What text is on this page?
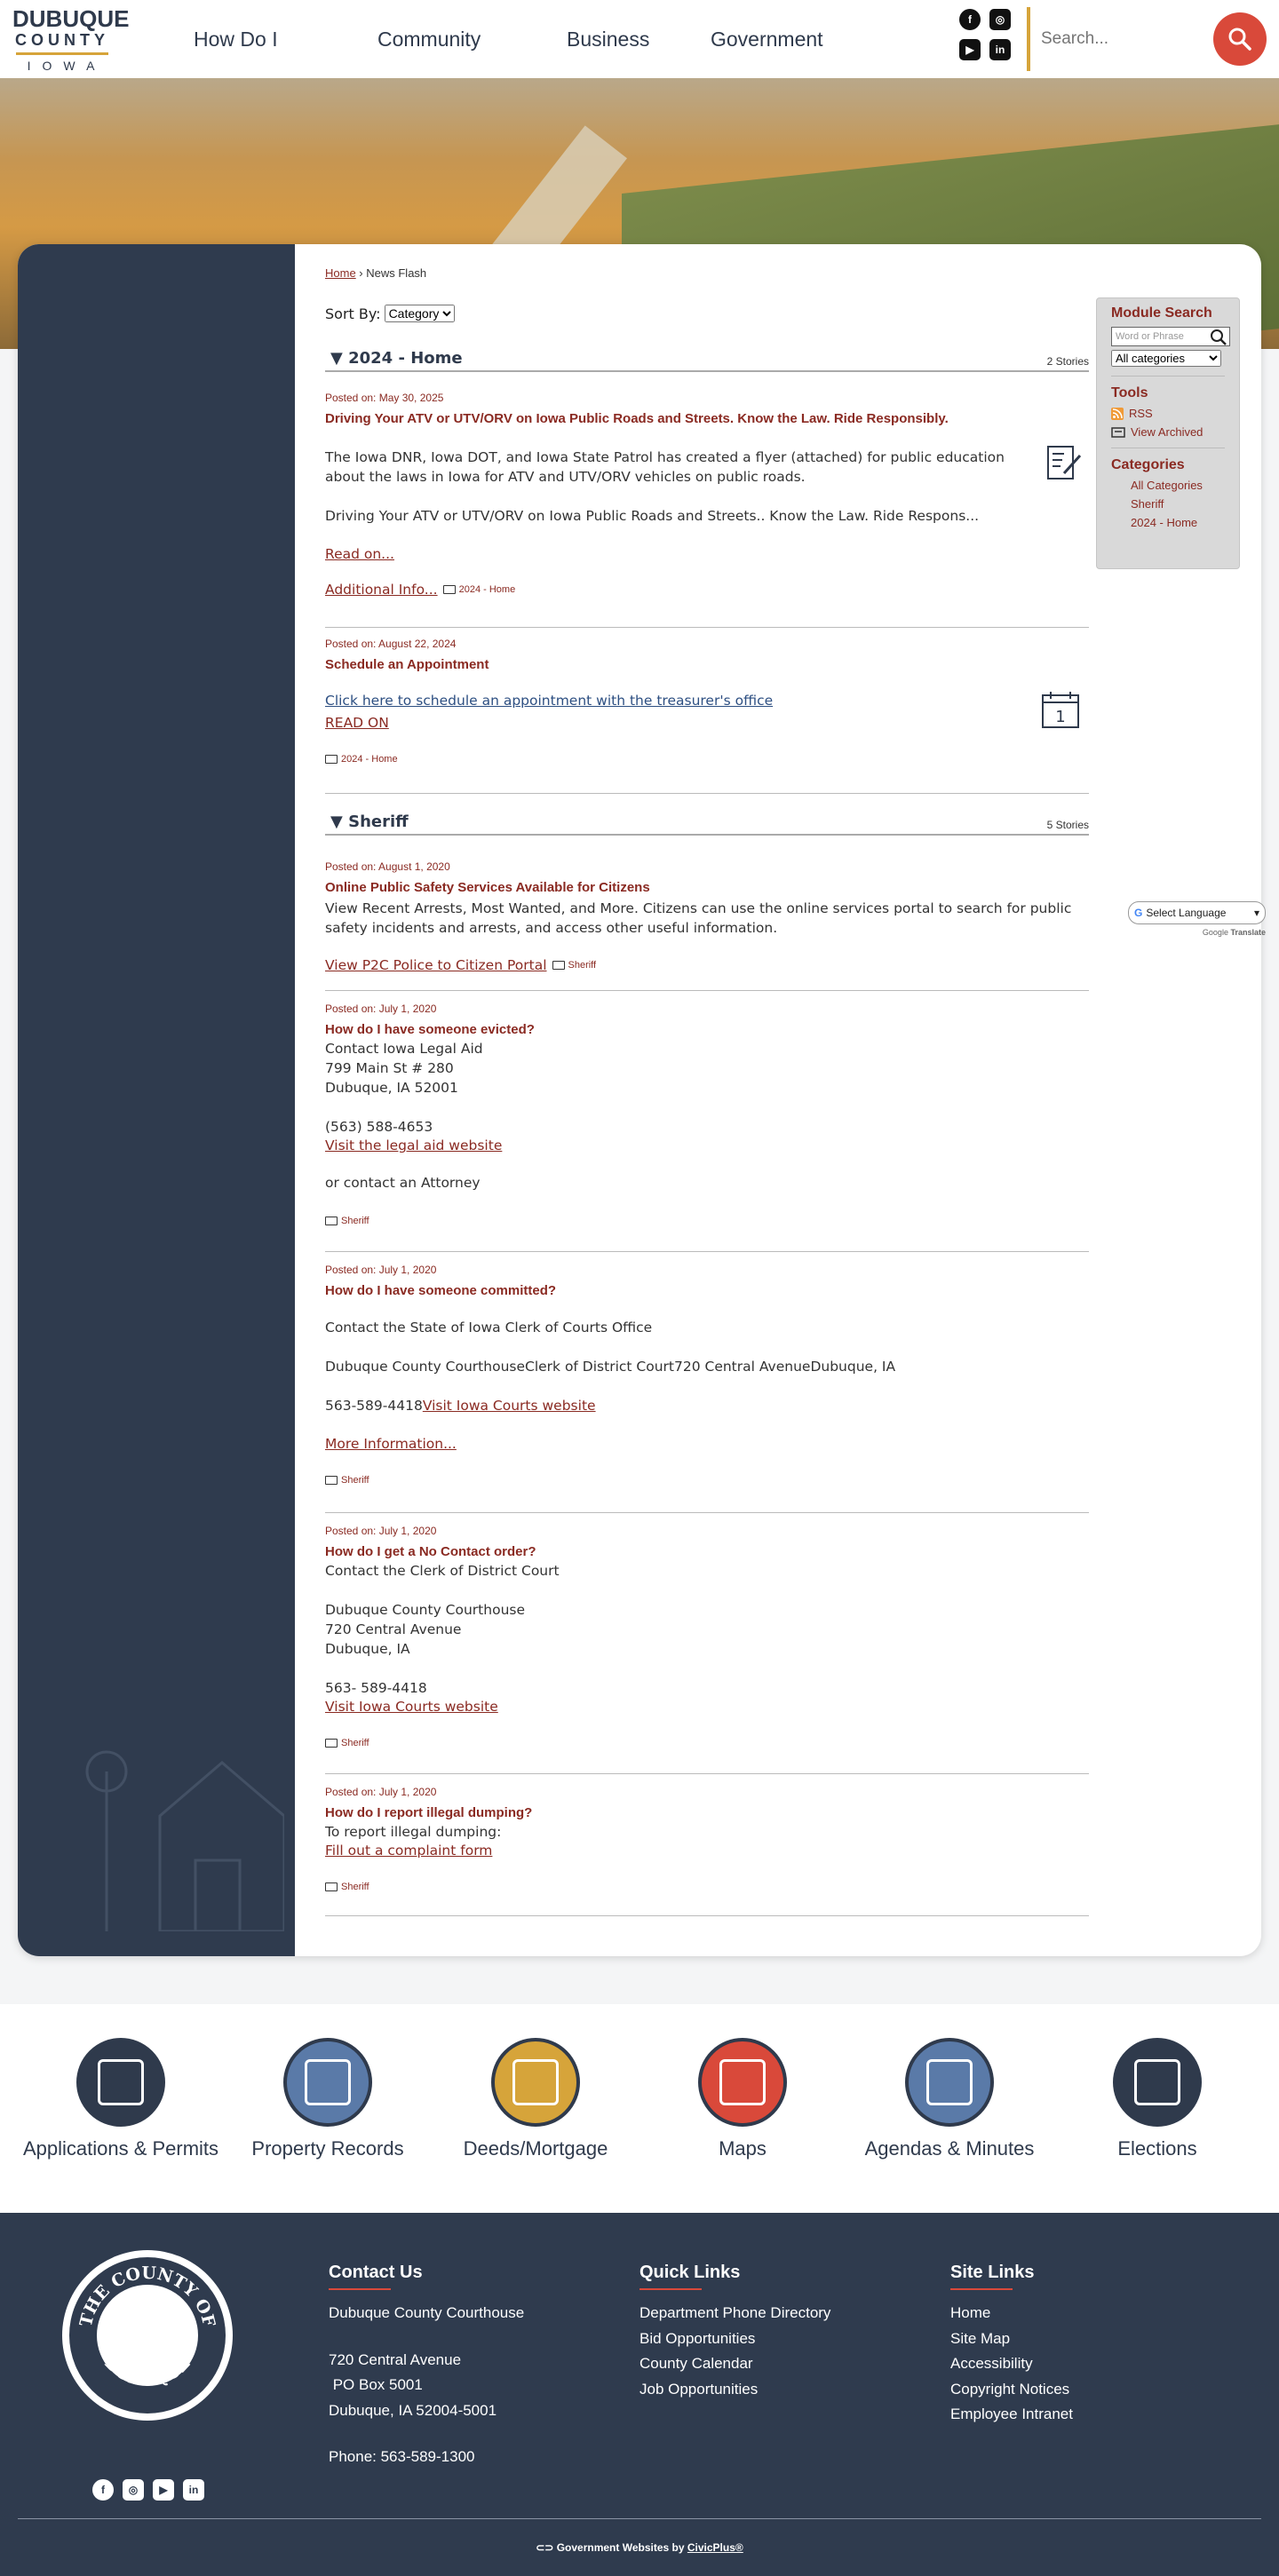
DUBUQUE
COUNTY
IOWA
How Do I	Community	Business	Government
f	◎
▶	in
Search...
Home › News Flash
Sort By:
Category
▼ 2024 - Home	2 Stories
Posted on: May 30, 2025
Driving Your ATV or UTV/ORV on Iowa Public Roads and Streets. Know the Law. Ride Responsibly.
The Iowa DNR, Iowa DOT, and Iowa State Patrol has created a flyer (attached) for public education about the laws in Iowa for ATV and UTV/ORV vehicles on public roads.
Driving Your ATV or UTV/ORV on Iowa Public Roads and Streets.. Know the Law. Ride Respons...
Read on...
Additional Info... 2024 - Home
Posted on: August 22, 2024
Schedule an Appointment
Click here to schedule an appointment with the treasurer's office
READ ON
2024 - Home
1
▼ Sheriff	5 Stories
Posted on: August 1, 2020
Online Public Safety Services Available for Citizens
View Recent Arrests, Most Wanted, and More. Citizens can use the online services portal to search for public safety incidents and arrests, and access other useful information.
View P2C Police to Citizen Portal Sheriff
Posted on: July 1, 2020
How do I have someone evicted?
Contact Iowa Legal Aid
799 Main St # 280
Dubuque, IA 52001
(563) 588-4653
Visit the legal aid website
or contact an Attorney
Sheriff
Posted on: July 1, 2020
How do I have someone committed?
Contact the State of Iowa Clerk of Courts Office
Dubuque County CourthouseClerk of District Court720 Central AvenueDubuque, IA
563-589-4418Visit Iowa Courts website
More Information...
Sheriff
Posted on: July 1, 2020
How do I get a No Contact order?
Contact the Clerk of District Court
Dubuque County Courthouse
720 Central Avenue
Dubuque, IA
563- 589-4418
Visit Iowa Courts website
Sheriff
Posted on: July 1, 2020
How do I report illegal dumping?
To report illegal dumping:
Fill out a complaint form
Sheriff
Module Search
Word or Phrase
All categories
Tools
RSS
View Archived
Categories
All Categories
Sheriff
2024 - Home
G Select Language	▾
Google Translate
Applications & Permits	Property Records	Deeds/Mortgage	Maps	Agendas & Minutes	Elections
THE COUNTY OF
DUBUQUE
f	◎	▶	in
Contact Us
Dubuque County Courthouse
720 Central Avenue
PO Box 5001
Dubuque, IA 52004-5001
Phone: 563-589-1300
Quick Links
Department Phone Directory
Bid Opportunities
County Calendar
Job Opportunities
Site Links
Home
Site Map
Accessibility
Copyright Notices
Employee Intranet
⊂⊃ Government Websites by CivicPlus®
